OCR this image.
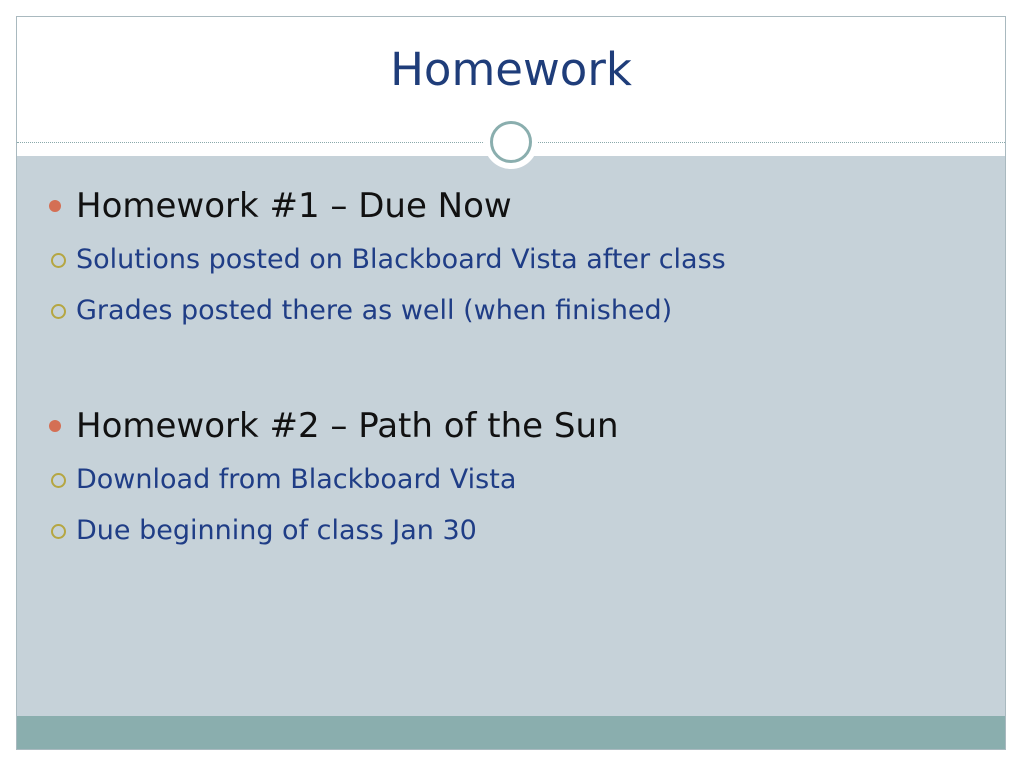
Homework
Homework #1 – Due Now
Solutions posted on Blackboard Vista after class
Grades posted there as well (when finished)
Homework #2 – Path of the Sun
Download from Blackboard Vista
Due beginning of class Jan 30
